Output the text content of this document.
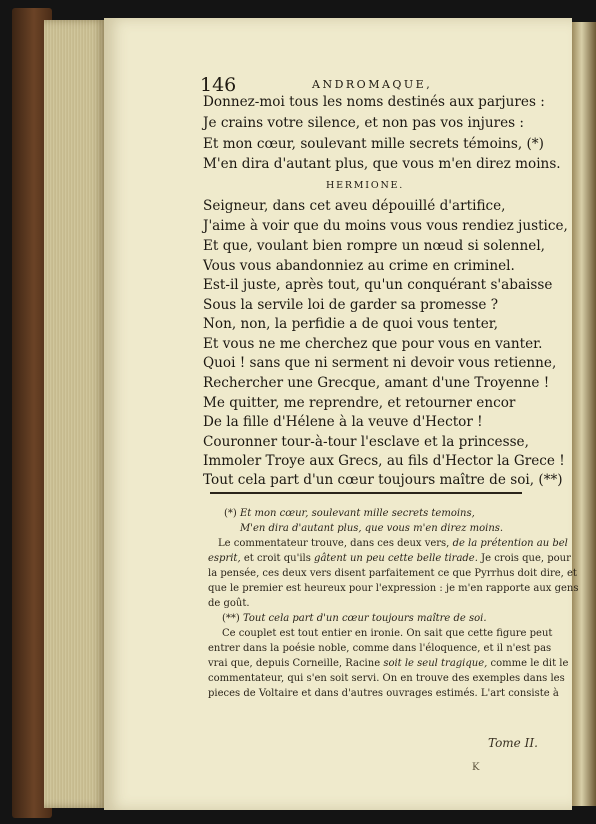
146	ANDROMAQUE,
Donnez-moi tous les noms destinés aux parjures :
Je crains votre silence, et non pas vos injures :
Et mon cœur, soulevant mille secrets témoins, (*)
M'en dira d'autant plus, que vous m'en direz moins.
HERMIONE.
Seigneur, dans cet aveu dépouillé d'artifice,
J'aime à voir que du moins vous vous rendiez justice,
Et que, voulant bien rompre un nœud si solennel,
Vous vous abandonniez au crime en criminel.
Est-il juste, après tout, qu'un conquérant s'abaisse
Sous la servile loi de garder sa promesse ?
Non, non, la perfidie a de quoi vous tenter,
Et vous ne me cherchez que pour vous en vanter.
Quoi ! sans que ni serment ni devoir vous retienne,
Rechercher une Grecque, amant d'une Troyenne !
Me quitter, me reprendre, et retourner encor
De la fille d'Hélene à la veuve d'Hector !
Couronner tour-à-tour l'esclave et la princesse,
Immoler Troye aux Grecs, au fils d'Hector la Grece !
Tout cela part d'un cœur toujours maître de soi, (**)
(*) Et mon cœur, soulevant mille secrets temoins,
M'en dira d'autant plus, que vous m'en direz moins.
Le commentateur trouve, dans ces deux vers, de la prétention au bel
esprit, et croit qu'ils gâtent un peu cette belle tirade. Je crois que, pour
la pensée, ces deux vers disent parfaitement ce que Pyrrhus doit dire, et
que le premier est heureux pour l'expression : je m'en rapporte aux gens
de goût.
(**) Tout cela part d'un cœur toujours maître de soi.
Ce couplet est tout entier en ironie. On sait que cette figure peut
entrer dans la poésie noble, comme dans l'éloquence, et il n'est pas
vrai que, depuis Corneille, Racine soit le seul tragique, comme le dit le
commentateur, qui s'en soit servi. On en trouve des exemples dans les
pieces de Voltaire et dans d'autres ouvrages estimés. L'art consiste à
Tome II.
K
